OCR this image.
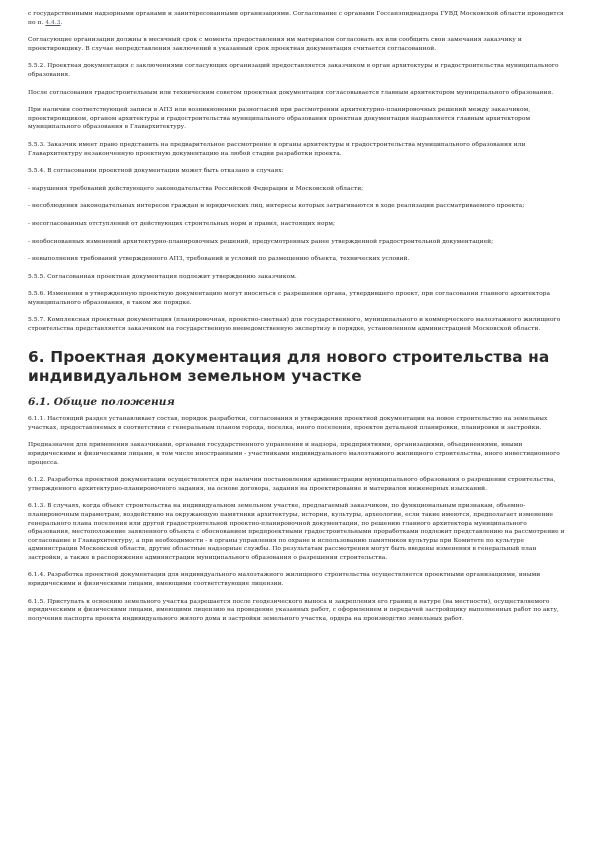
с государственными надзорными органами и заинтересованными организациями. Согласование с органами Госсанэпиднадзора ГУВД Московской области проводится по п. 4.4.3.

Согласующие организации должны в месячный срок с момента предоставления им материалов согласовать их или сообщить свои замечания заказчику и проектировщику. В случае непредставления заключений в указанный срок проектная документация считается согласованной.

5.5.2. Проектная документация с заключениями согласующих организаций предоставляется заказчиком в орган архитектуры и градостроительства муниципального образования.

После согласования градостроительным или техническим советом проектная документация согласовывается главным архитектором муниципального образования.

При наличии соответствующей записи в АПЗ или возникновении разногласий при рассмотрении архитектурно-планировочных решений между заказчиком, проектировщиком, органом архитектуры и градостроительства муниципального образования проектная документация направляется главным архитектором муниципального образования в Главархитектуру.

5.5.3. Заказчик имеет право представить на предварительное рассмотрение в органы архитектуры и градостроительства муниципального образования или Главархитектуру незаконченную проектную документацию на любой стадии разработки проекта.

5.5.4. В согласовании проектной документации может быть отказано в случаях:

- нарушения требований действующего законодательства Российской Федерации и Московской области;

- несоблюдения законодательных интересов граждан и юридических лиц, интересы которых затрагиваются в ходе реализации рассматриваемого проекта;

- несогласованных отступлений от действующих строительных норм и правил, настоящих норм;

- необоснованных изменений архитектурно-планировочных решений, предусмотренных ранее утвержденной градостроительной документацией;

- невыполнения требований утвержденного АПЗ, требований и условий по размещению объекта, технических условий.

5.5.5. Согласованная проектная документация подлежит утверждению заказчиком.

5.5.6. Изменения в утвержденную проектную документацию могут вноситься с разрешения органа, утвердившего проект, при согласовании главного архитектора муниципального образования, в таком же порядке.

5.5.7. Комплексная проектная документация (планировочная, проектно-сметная) для государственного, муниципального и коммерческого малоэтажного жилищного строительства представляется заказчиком на государственную вневедомственную экспертизу в порядке, установленном администрацией Московской области.

6. Проектная документация для нового строительства на индивидуальном земельном участке
6.1. Общие положения

6.1.1. Настоящий раздел устанавливает состав, порядок разработки, согласования и утверждения проектной документации на новое строительство на земельных участках, предоставляемых в соответствии с генеральным планом города, поселка, иного поселения, проектов детальной планировки, планировки и застройки.

Предназначен для применения заказчиками, органами государственного управления и надзора, предприятиями, организациями, объединениями, иными юридическими и физическими лицами, в том числе иностранными - участниками индивидуального малоэтажного жилищного строительства, иного инвестиционного процесса.

6.1.2. Разработка проектной документации осуществляется при наличии постановления администрации муниципального образования о разрешении строительства, утвержденного архитектурно-планировочного задания, на основе договора, задания на проектирование и материалов инженерных изысканий.

6.1.3. В случаях, когда объект строительства на индивидуальном земельном участке, предлагаемый заказчиком, по функциональным признакам, объемно-планировочным параметрам, воздействию на окружающую памятники архитектуры, истории, культуры, археологии, если такие имеются, предполагает изменение генерального плана поселения или другой градостроительной проектно-планировочной документации, по решению главного архитектора муниципального образования, местоположение заявленного объекта с обоснованием предпроектными градостроительными проработками подлежит представлению на рассмотрение и согласование в Главархитектуру, а при необходимости - в органы управления по охране и использованию памятников культуры при Комитете по культуре администрации Московской области, другие областные надзорные службы. По результатам рассмотрения могут быть введены изменения в генеральный план застройки, а также в распоряжение администрации муниципального образования о разрешении строительства.

6.1.4. Разработка проектной документации для индивидуального малоэтажного жилищного строительства осуществляется проектными организациями, иными юридическими и физическими лицами, имеющими соответствующие лицензии.

6.1.5. Приступать к освоению земельного участка разрешается после геодезического выноса и закрепления его границ в натуре (на местности), осуществляемого юридическими и физическими лицами, имеющими лицензию на проведение указанных работ, с оформлением и передачей застройщику выполненных работ по акту, получения паспорта проекта индивидуального жилого дома и застройки земельного участка, ордера на производство земельных работ.
